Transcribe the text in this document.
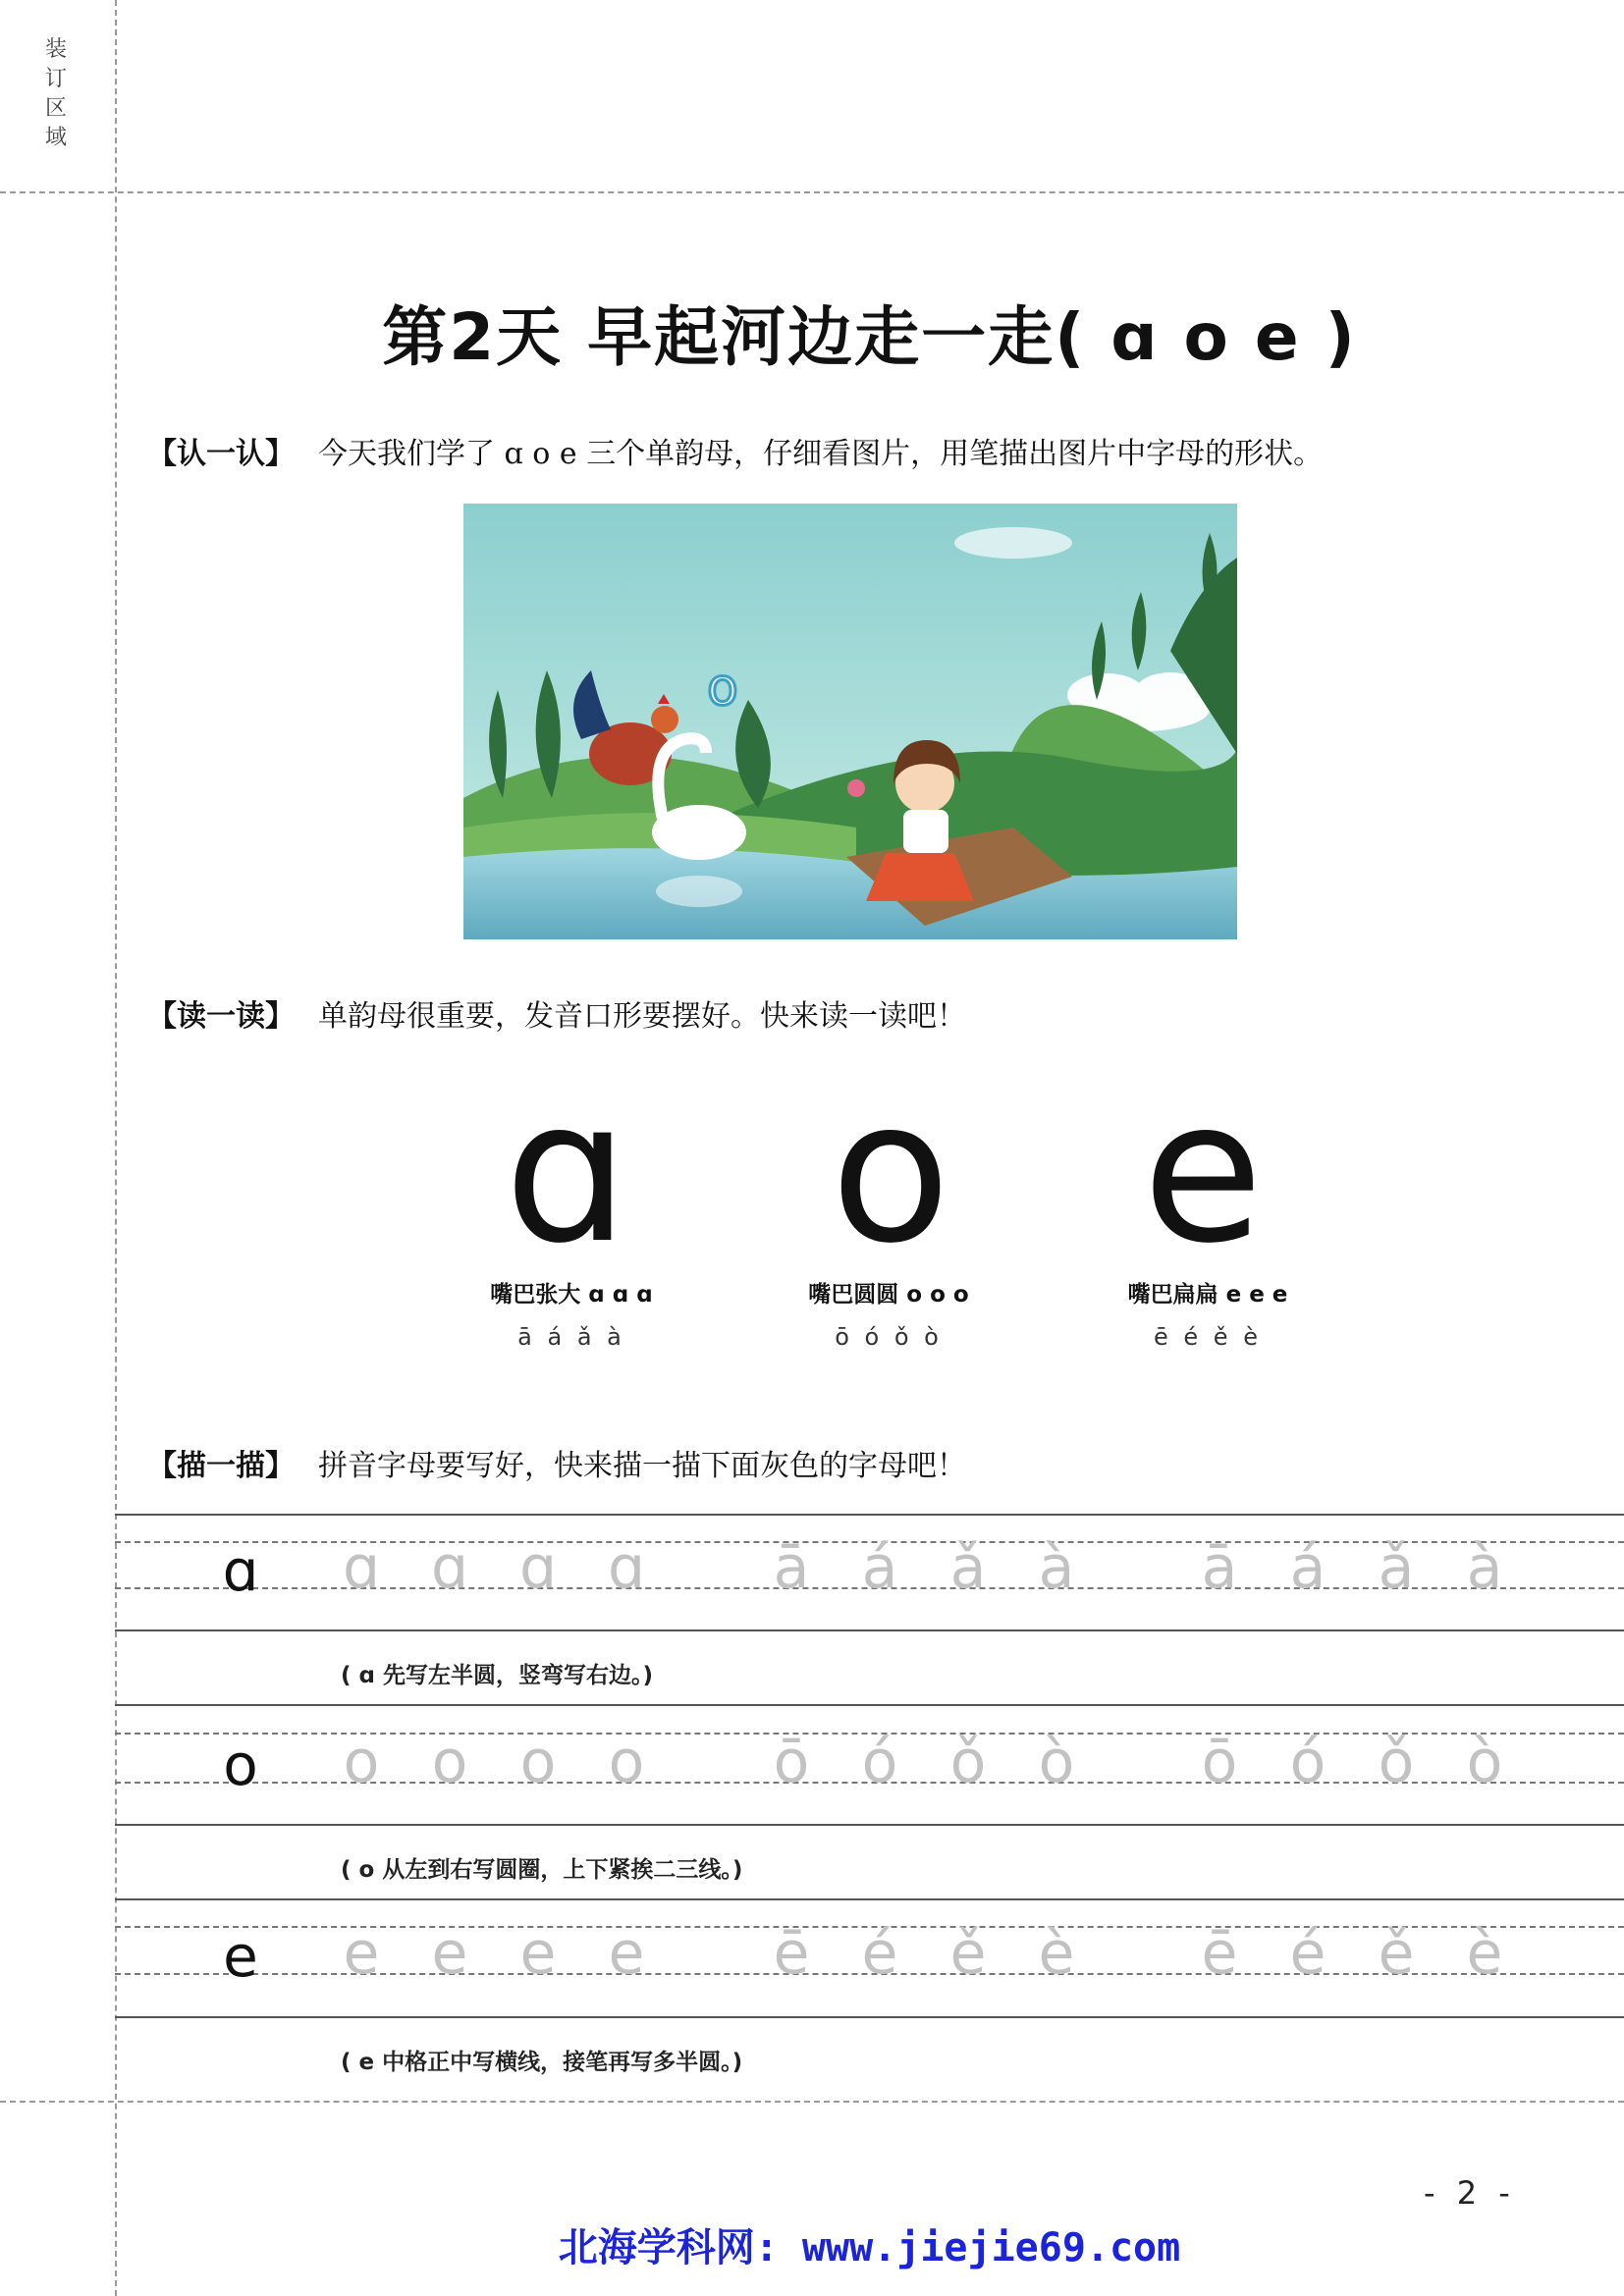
装订区域
第2天 早起河边走一走( ɑ o e )
【认一认】 今天我们学了 ɑ o e 三个单韵母，仔细看图片，用笔描出图片中字母的形状。
o
【读一读】 单韵母很重要，发音口形要摆好。快来读一读吧！
ɑ o e
嘴巴张大 ɑ ɑ ɑ	嘴巴圆圆 o o o	嘴巴扁扁 e e e
ā á ǎ à	ō ó ǒ ò	ē é ě è
【描一描】 拼音字母要写好，快来描一描下面灰色的字母吧！
ɑ	ɑ ɑ ɑ ɑ ā á ǎ à ā á ǎ à
( ɑ 先写左半圆，竖弯写右边。)
o	o o o o ō ó ǒ ò ō ó ǒ ò
( o 从左到右写圆圈，上下紧挨二三线。)
e	e e e e ē é ě è ē é ě è
( e 中格正中写横线，接笔再写多半圆。)
- 2 -
北海学科网: www.jiejie69.com
